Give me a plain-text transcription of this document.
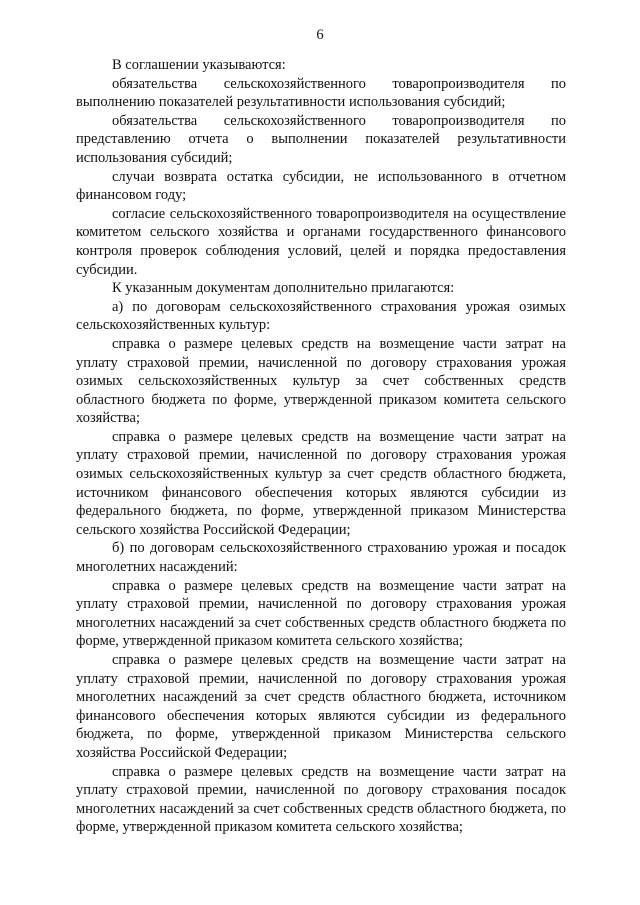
6

В соглашении указываются:

обязательства сельскохозяйственного товаропроизводителя по выполнению показателей результативности использования субсидий;

обязательства сельскохозяйственного товаропроизводителя по представлению отчета о выполнении показателей результативности использования субсидий;

случаи возврата остатка субсидии, не использованного в отчетном финансовом году;

согласие сельскохозяйственного товаропроизводителя на осуществление комитетом сельского хозяйства и органами государственного финансового контроля проверок соблюдения условий, целей и порядка предоставления субсидии.

К указанным документам дополнительно прилагаются:

а) по договорам сельскохозяйственного страхования урожая озимых сельскохозяйственных культур:

справка о размере целевых средств на возмещение части затрат на уплату страховой премии, начисленной по договору страхования урожая озимых сельскохозяйственных культур за счет собственных средств областного бюджета по форме, утвержденной приказом комитета сельского хозяйства;

справка о размере целевых средств на возмещение части затрат на уплату страховой премии, начисленной по договору страхования урожая озимых сельскохозяйственных культур за счет средств областного бюджета, источником финансового обеспечения которых являются субсидии из федерального бюджета, по форме, утвержденной приказом Министерства сельского хозяйства Российской Федерации;

б) по договорам сельскохозяйственного страхованию урожая и посадок многолетних насаждений:

справка о размере целевых средств на возмещение части затрат на уплату страховой премии, начисленной по договору страхования урожая многолетних насаждений за счет собственных средств областного бюджета по форме, утвержденной приказом комитета сельского хозяйства;

справка о размере целевых средств на возмещение части затрат на уплату страховой премии, начисленной по договору страхования урожая многолетних насаждений за счет средств областного бюджета, источником финансового обеспечения которых являются субсидии из федерального бюджета, по форме, утвержденной приказом Министерства сельского хозяйства Российской Федерации;

справка о размере целевых средств на возмещение части затрат на уплату страховой премии, начисленной по договору страхования посадок многолетних насаждений за счет собственных средств областного бюджета, по форме, утвержденной приказом комитета сельского хозяйства;
